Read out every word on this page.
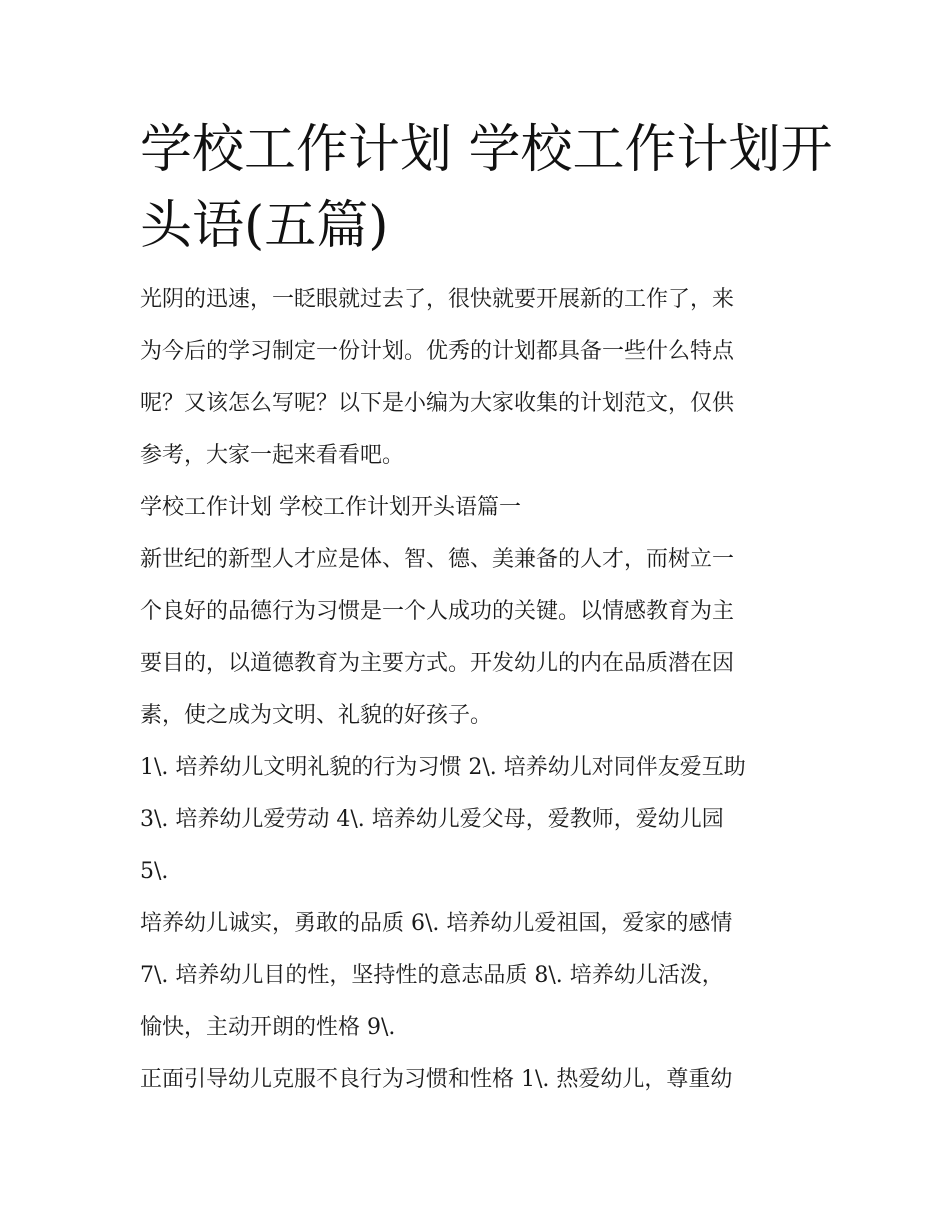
学校工作计划 学校工作计划开
头语(五篇)

光阴的迅速，一眨眼就过去了，很快就要开展新的工作了，来
为今后的学习制定一份计划。优秀的计划都具备一些什么特点
呢？又该怎么写呢？以下是小编为大家收集的计划范文，仅供
参考，大家一起来看看吧。

学校工作计划 学校工作计划开头语篇一

新世纪的新型人才应是体、智、德、美兼备的人才，而树立一
个良好的品德行为习惯是一个人成功的关键。以情感教育为主
要目的，以道德教育为主要方式。开发幼儿的内在品质潜在因
素，使之成为文明、礼貌的好孩子。

1\. 培养幼儿文明礼貌的行为习惯 2\. 培养幼儿对同伴友爱互助
3\. 培养幼儿爱劳动 4\. 培养幼儿爱父母，爱教师，爱幼儿园
5\.

培养幼儿诚实，勇敢的品质 6\. 培养幼儿爱祖国，爱家的感情
7\. 培养幼儿目的性，坚持性的意志品质 8\. 培养幼儿活泼，
愉快，主动开朗的性格 9\.

正面引导幼儿克服不良行为习惯和性格 1\. 热爱幼儿，尊重幼
